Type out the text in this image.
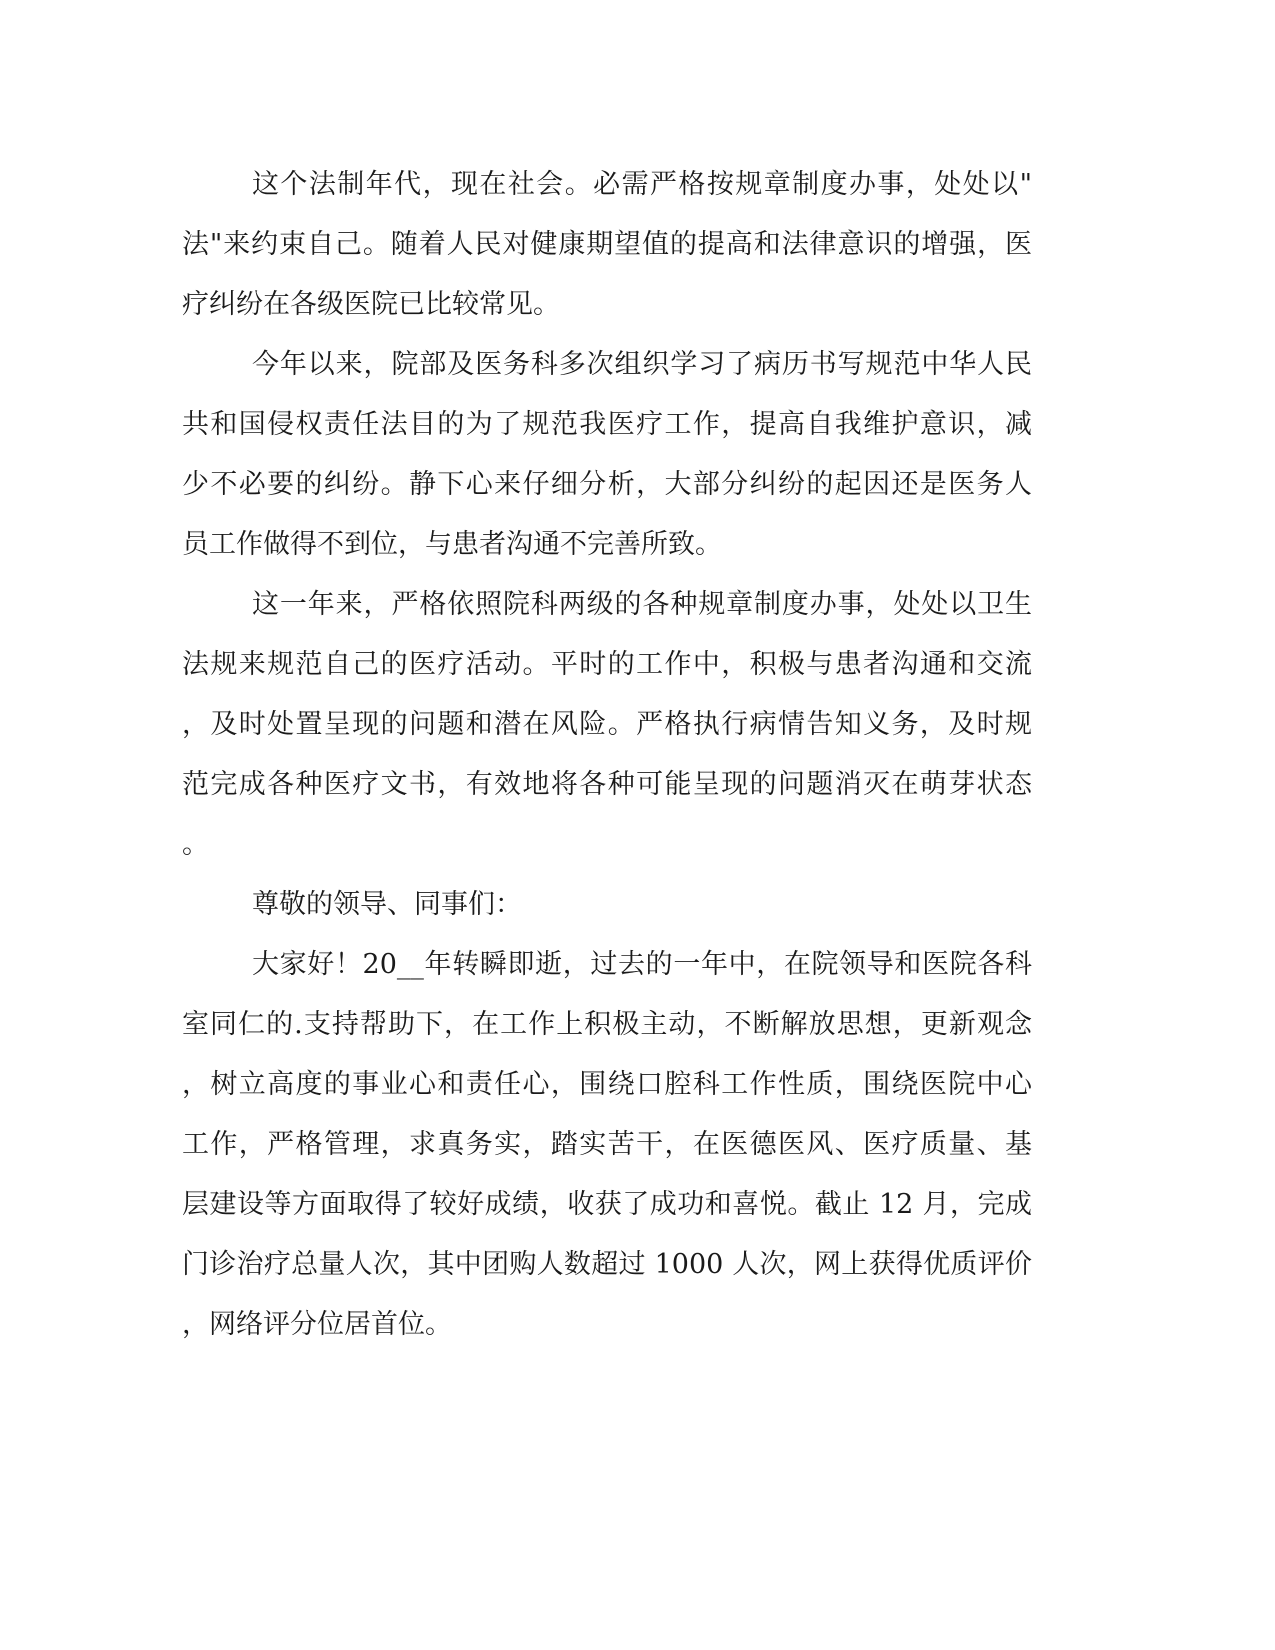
这个法制年代，现在社会。必需严格按规章制度办事，处处以"
法"来约束自己。随着人民对健康期望值的提高和法律意识的增强，医
疗纠纷在各级医院已比较常见。
今年以来，院部及医务科多次组织学习了病历书写规范中华人民
共和国侵权责任法目的为了规范我医疗工作，提高自我维护意识，减
少不必要的纠纷。静下心来仔细分析，大部分纠纷的起因还是医务人
员工作做得不到位，与患者沟通不完善所致。
这一年来，严格依照院科两级的各种规章制度办事，处处以卫生
法规来规范自己的医疗活动。平时的工作中，积极与患者沟通和交流
，及时处置呈现的问题和潜在风险。严格执行病情告知义务，及时规
范完成各种医疗文书，有效地将各种可能呈现的问题消灭在萌芽状态
。
尊敬的领导、同事们：
大家好！20__年转瞬即逝，过去的一年中，在院领导和医院各科
室同仁的.支持帮助下，在工作上积极主动，不断解放思想，更新观念
，树立高度的事业心和责任心，围绕口腔科工作性质，围绕医院中心
工作，严格管理，求真务实，踏实苦干，在医德医风、医疗质量、基
层建设等方面取得了较好成绩，收获了成功和喜悦。截止 12 月，完成
门诊治疗总量人次，其中团购人数超过 1000 人次，网上获得优质评价
，网络评分位居首位。
